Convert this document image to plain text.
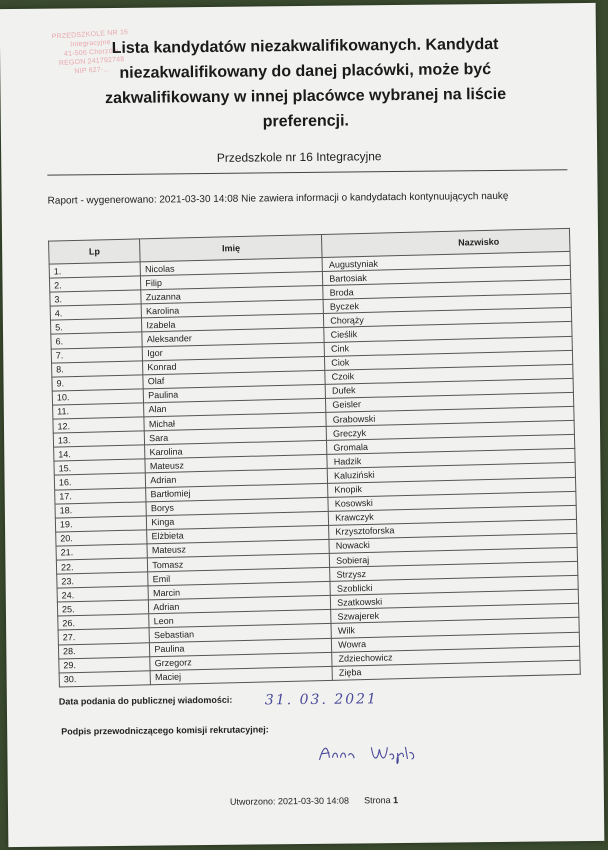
PRZEDSZKOLE NR 16
Integracyjne
41-506 Chorzów
REGON 241792748
NIP 627-...
Lista kandydatów niezakwalifikowanych. Kandydat niezakwalifikowany do danej placówki, może być zakwalifikowany w innej placówce wybranej na liście preferencji.
Przedszkole nr 16 Integracyjne
Raport - wygenerowano: 2021-03-30 14:08 Nie zawiera informacji o kandydatach kontynuujących naukę
Lp	Imię	Nazwisko
1.	Nicolas	Augustyniak
2.	Filip	Bartosiak
3.	Zuzanna	Broda
4.	Karolina	Byczek
5.	Izabela	Chorąży
6.	Aleksander	Cieślik
7.	Igor	Cink
8.	Konrad	Ciok
9.	Olaf	Czoik
10.	Paulina	Dufek
11.	Alan	Geisler
12.	Michał	Grabowski
13.	Sara	Greczyk
14.	Karolina	Gromala
15.	Mateusz	Hadzik
16.	Adrian	Kaluziński
17.	Bartłomiej	Knopik
18.	Borys	Kosowski
19.	Kinga	Krawczyk
20.	Elżbieta	Krzysztoforska
21.	Mateusz	Nowacki
22.	Tomasz	Sobieraj
23.	Emil	Strzysz
24.	Marcin	Szoblicki
25.	Adrian	Szatkowski
26.	Leon	Szwajerek
27.	Sebastian	Wilk
28.	Paulina	Wowra
29.	Grzegorz	Zdziechowicz
30.	Maciej	Zięba
Data podania do publicznej wiadomości: 31. 03. 2021
Podpis przewodniczącego komisji rekrutacyjnej:
Utworzono: 2021-03-30 14:08 Strona 1
